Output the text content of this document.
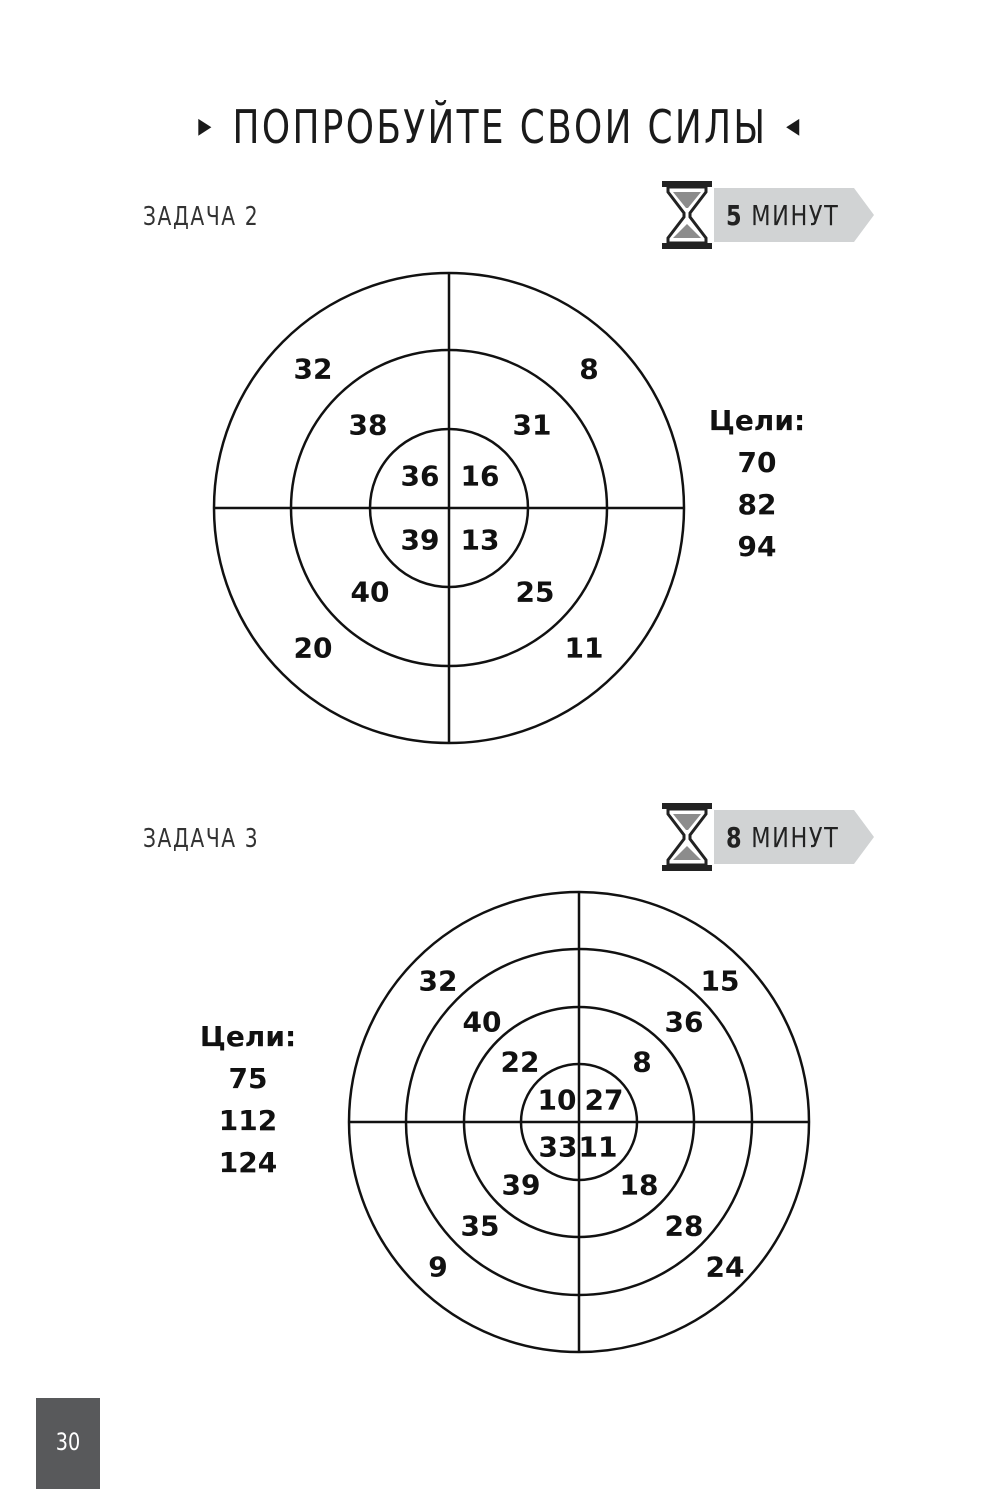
▶ ПОПРОБУЙТЕ СВОИ СИЛЫ ◀
ЗАДАЧА 2	5 МИНУТ
32	8
11
20
38	31
25
40
36 16
13
39
Цели:
70
82
94
ЗАДАЧА 3	8 МИНУТ
Цели:
75
112
124
32	15
24
9
40	36
28
35
22	8
18
39
10 27
11
33
30
